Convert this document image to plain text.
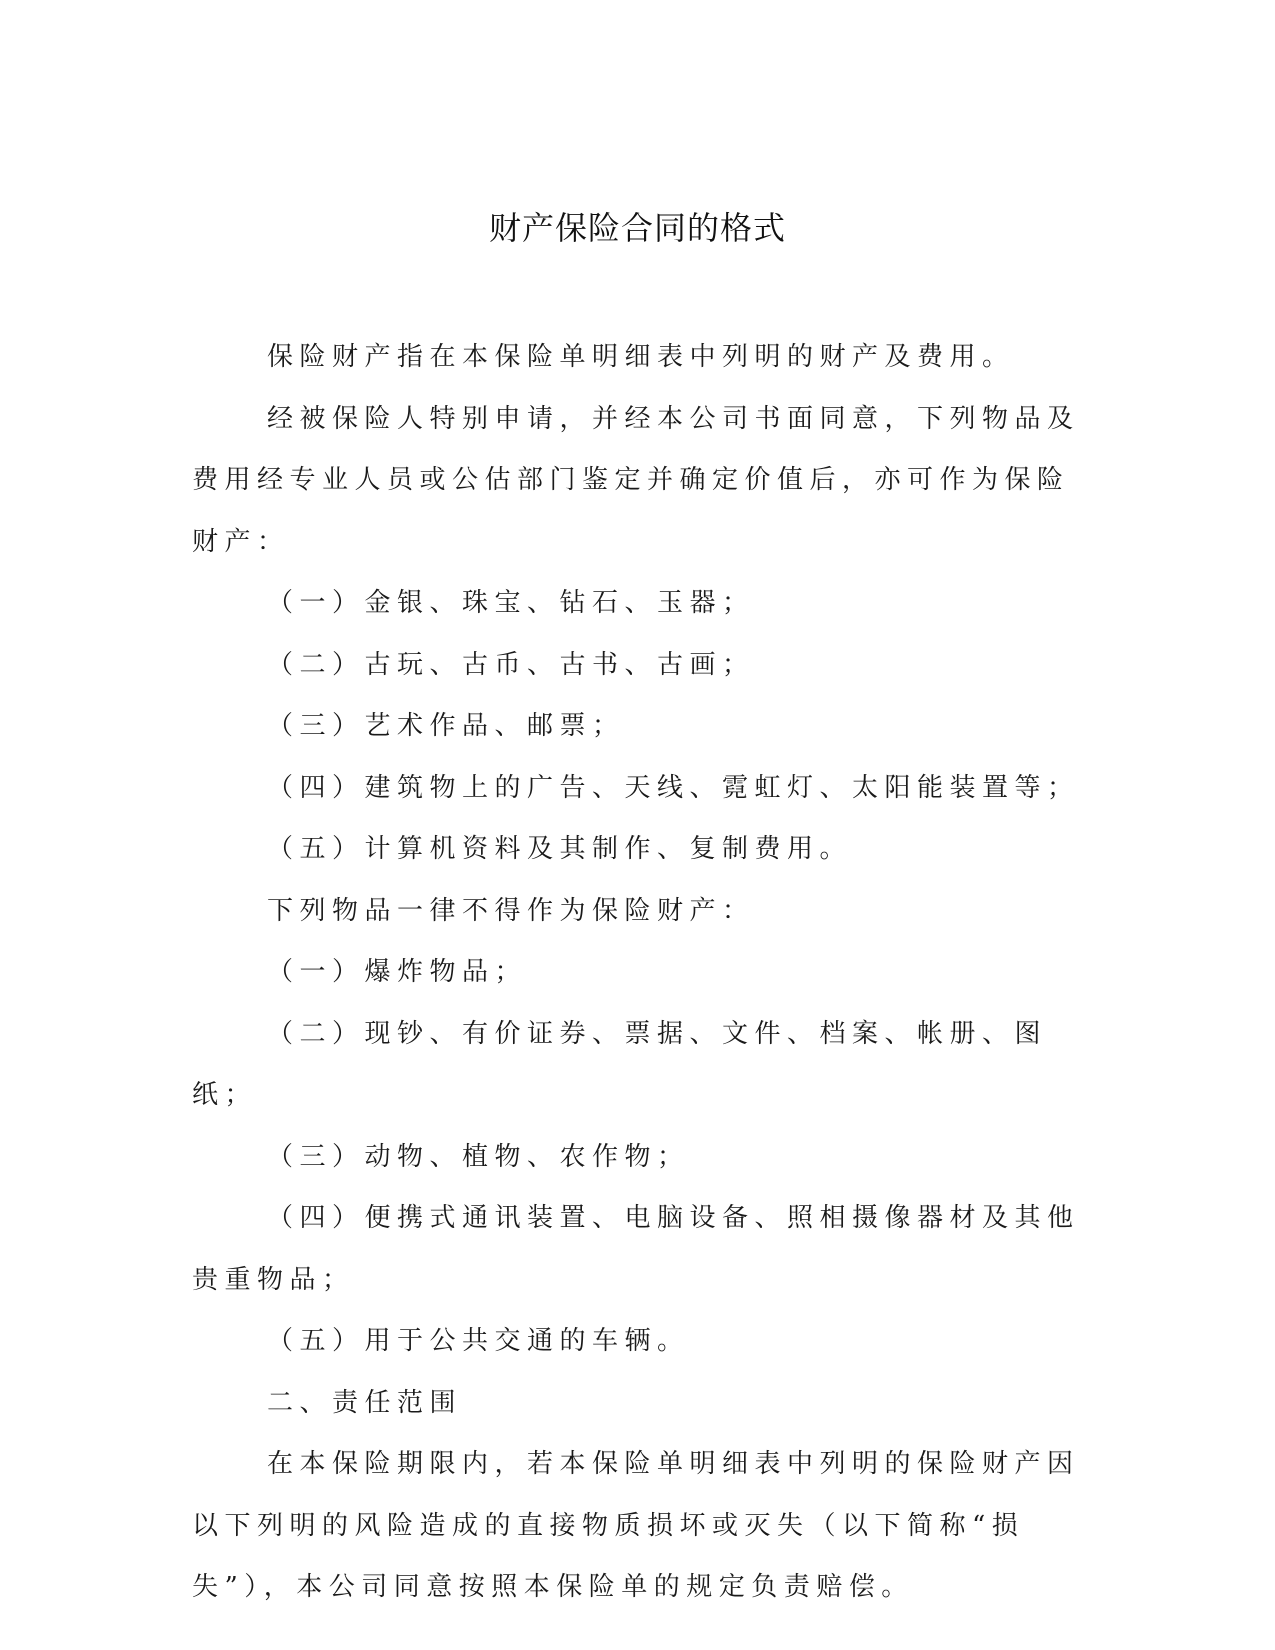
财产保险合同的格式

保险财产指在本保险单明细表中列明的财产及费用。

经被保险人特别申请，并经本公司书面同意，下列物品及费用经专业人员或公估部门鉴定并确定价值后，亦可作为保险财产：

（一）金银、珠宝、钻石、玉器；

（二）古玩、古币、古书、古画；

（三）艺术作品、邮票；

（四）建筑物上的广告、天线、霓虹灯、太阳能装置等；

（五）计算机资料及其制作、复制费用。

下列物品一律不得作为保险财产：

（一）爆炸物品；

（二）现钞、有价证券、票据、文件、档案、帐册、图纸；

（三）动物、植物、农作物；

（四）便携式通讯装置、电脑设备、照相摄像器材及其他贵重物品；

（五）用于公共交通的车辆。

二、责任范围

在本保险期限内，若本保险单明细表中列明的保险财产因以下列明的风险造成的直接物质损坏或灭失（以下简称“损失”），本公司同意按照本保险单的规定负责赔偿。
